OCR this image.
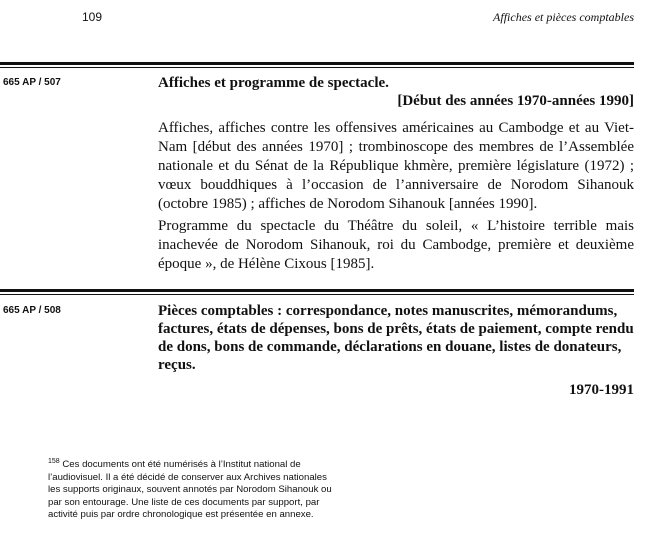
109	Affiches et pièces comptables
665 AP / 507	Affiches et programme de spectacle.
[Début des années 1970-années 1990]

Affiches, affiches contre les offensives américaines au Cambodge et au Viet-Nam [début des années 1970] ; trombinoscope des membres de l’Assemblée nationale et du Sénat de la République khmère, première législature (1972) ; vœux bouddhiques à l’occasion de l’anniversaire de Norodom Sihanouk (octobre 1985) ; affiches de Norodom Sihanouk [années 1990].

Programme du spectacle du Théâtre du soleil, « L’histoire terrible mais inachevée de Norodom Sihanouk, roi du Cambodge, première et deuxième époque », de Hélène Cixous [1985].

665 AP / 508	Pièces comptables : correspondance, notes manuscrites, mémorandums, factures, états de dépenses, bons de prêts, états de paiement, compte rendu de dons, bons de commande, déclarations en douane, listes de donateurs, reçus.
1970-1991
$^{158}$ Ces documents ont été numérisés à l’Institut national de l’audiovisuel. Il a été décidé de conserver aux Archives nationales les supports originaux, souvent annotés par Norodom Sihanouk ou par son entourage. Une liste de ces documents par support, par activité puis par ordre chronologique est présentée en annexe.
